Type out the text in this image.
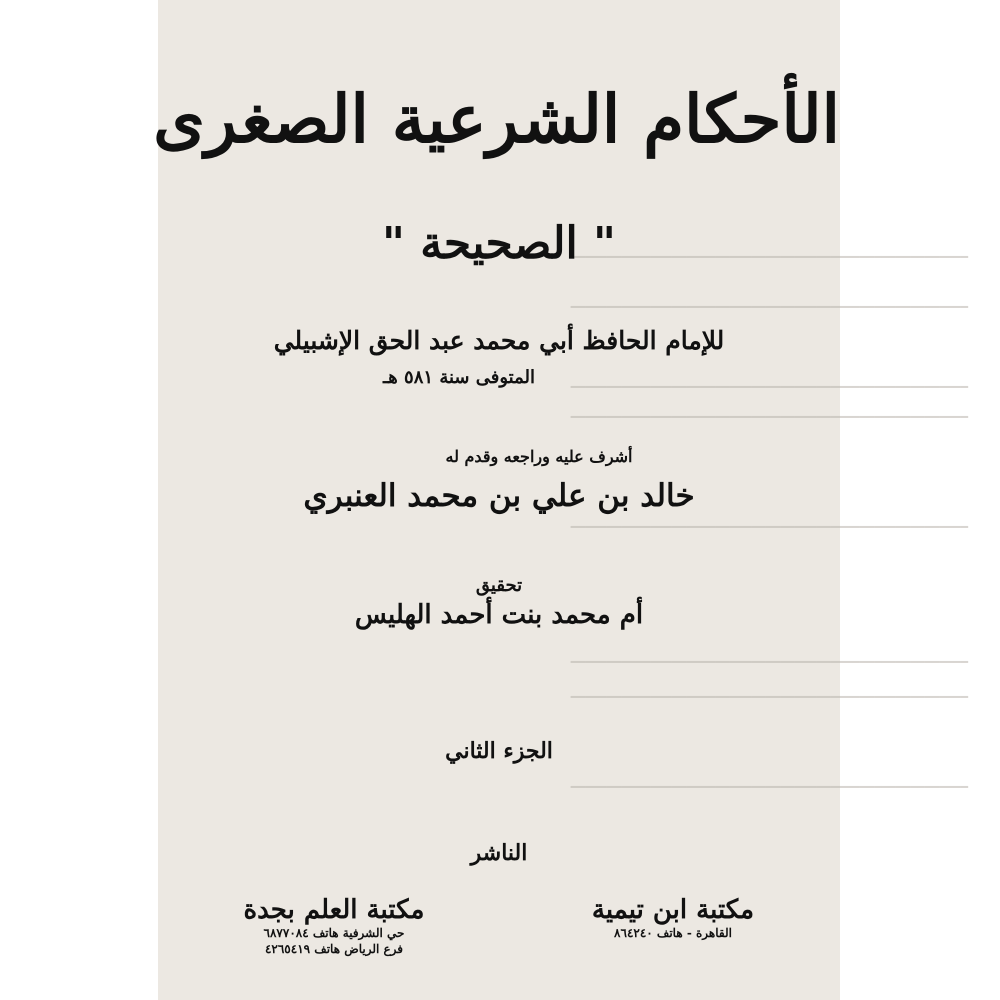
━━━━━━━━━━━━━━━━━━━━━━━━━━━━━━━━━━━━━━━━━━━━━━━━━━━━━━━
━━━━━━━━━━━━━━━━━━━━━━━━━━━━━━━━━━━━━━━━━━━━━━━━━━━━━━━
━━━━━━━━━━━━━━━━━━━━━━━━━━━━━━━━━━━━━━━━━━━━━━━━━━━━━━━
━━━━━━━━━━━━━━━━━━━━━━━━━━━━━━━━━━━━━━━━━━━━━━━━━━━━━━━
━━━━━━━━━━━━━━━━━━━━━━━━━━━━━━━━━━━━━━━━━━━━━━━━━━━━━━━
━━━━━━━━━━━━━━━━━━━━━━━━━━━━━━━━━━━━━━━━━━━━━━━━━━━━━━━
━━━━━━━━━━━━━━━━━━━━━━━━━━━━━━━━━━━━━━━━━━━━━━━━━━━━━━━
━━━━━━━━━━━━━━━━━━━━━━━━━━━━━━━━━━━━━━━━━━━━━━━━━━━━━━━
الأحكام الشرعية الصغرى
" الصحيحة "
للإمام الحافظ أبي محمد عبد الحق الإشبيلي
المتوفى سنة ٥٨١ هـ
أشرف عليه وراجعه وقدم له
خالد بن علي بن محمد العنبري
تحقيق
أم محمد بنت أحمد الهليس
الجزء الثاني
الناشر
مكتبة العلم بجدة
حي الشرفية هاتف ٦٨٧٧٠٨٤
فرع الرياض هاتف ٤٢٦٥٤١٩
مكتبة ابن تيمية
القاهرة - هاتف ٨٦٤٢٤٠
